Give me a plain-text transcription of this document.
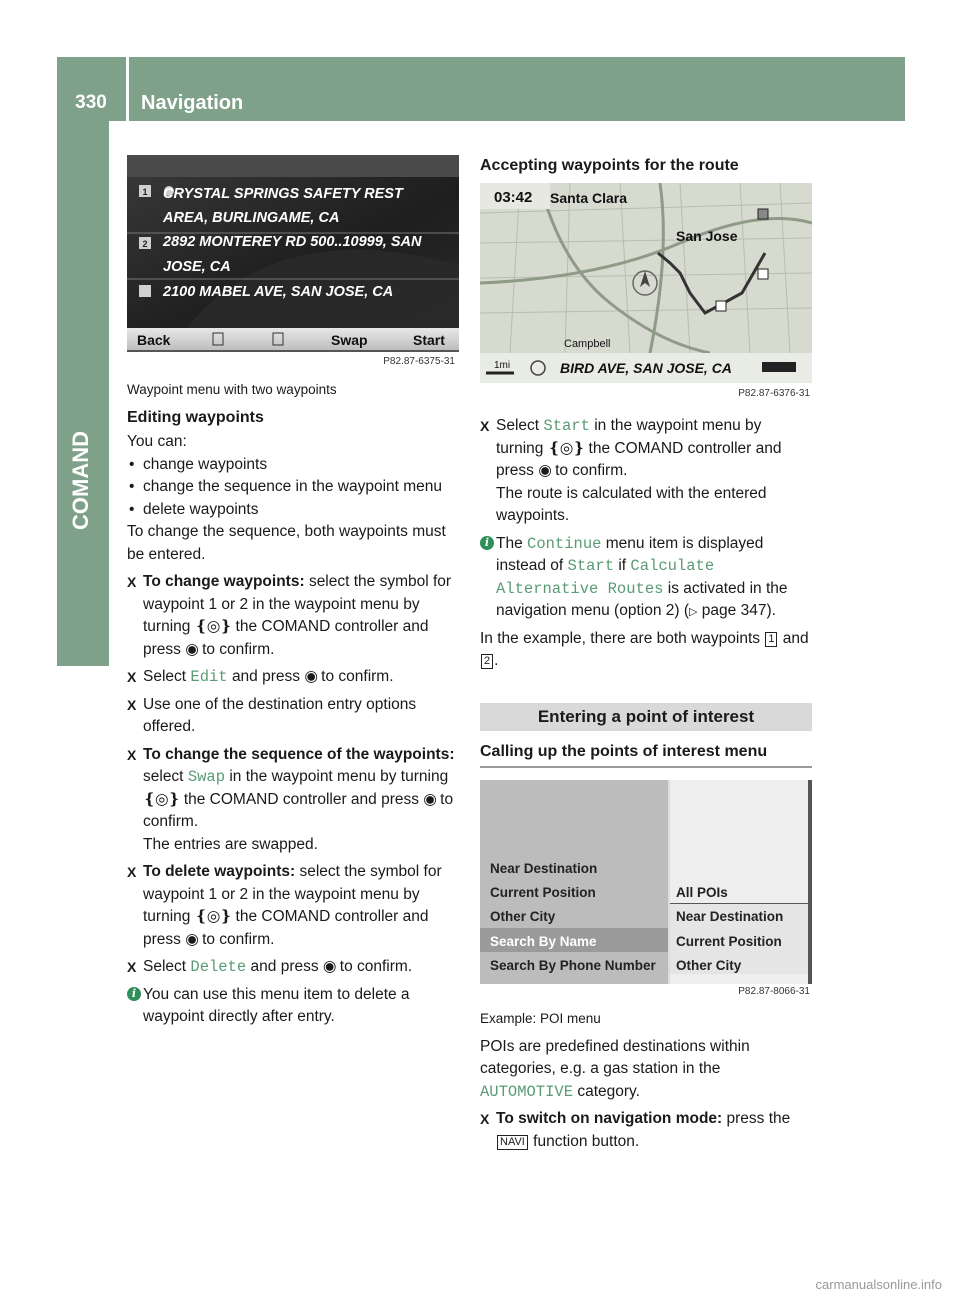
330	Navigation
COMAND
1
2
CRYSTAL SPRINGS SAFETY REST
AREA, BURLINGAME, CA
2892 MONTEREY RD 500..10999, SAN
JOSE, CA
2100 MABEL AVE, SAN JOSE, CA
Back	Swap	Start
P82.87-6375-31
Waypoint menu with two waypoints
Editing waypoints

You can:

• change waypoints

• change the sequence in the waypoint menu

• delete waypoints

To change the sequence, both waypoints must be entered.

X To change waypoints: select the symbol for waypoint 1 or 2 in the waypoint menu by turning ❴◎❵ the COMAND controller and press ◉ to confirm.
X Select Edit and press ◉ to confirm.
X Use one of the destination entry options offered.
X To change the sequence of the waypoints: select Swap in the waypoint menu by turning ❴◎❵ the COMAND controller and press ◉ to confirm.
The entries are swapped.
X To delete waypoints: select the symbol for waypoint 1 or 2 in the waypoint menu by turning ❴◎❵ the COMAND controller and press ◉ to confirm.
X Select Delete and press ◉ to confirm.
i You can use this menu item to delete a waypoint directly after entry.
Accepting waypoints for the route
03:42 Santa Clara
San Jose
Campbell
1mi	BIRD AVE, SAN JOSE, CA
P82.87-6376-31
X Select Start in the waypoint menu by turning ❴◎❵ the COMAND controller and press ◉ to confirm.
The route is calculated with the entered waypoints.
i The Continue menu item is displayed instead of Start if Calculate Alternative Routes is activated in the navigation menu (option 2) (▷ page 347).

In the example, there are both waypoints 1 and 2 .

Entering a point of interest
Calling up the points of interest menu
Near Destination
Current Position
Other City
Search By Name
Search By Phone Number
All POIs
Near Destination
Current Position
Other City
P82.87-8066-31
Example: POI menu

POIs are predefined destinations within categories, e.g. a gas station in the AUTOMOTIVE category.

X To switch on navigation mode: press the NAVI function button.
carmanualsonline.info
